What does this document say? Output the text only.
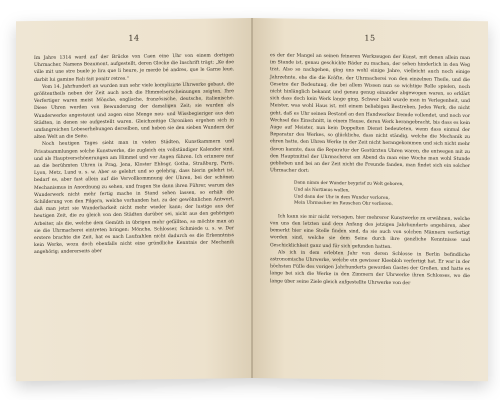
14

Im Jahre 1314 ward auf der Brücke von Caen eine Uhr von einem dortigen Uhrmacher, Namens Beaumont, aufgestellt, deren Glocke die Inschrift trägt: „Ke doe ville mit une stre buele je lira que li heure, je merde bé andres, que le Garne leue, darbit lui gamine Rali fait ponitr retres.“

Vom 14. Jahrhundert an wurden nun sehr viele komplizirte Uhrwerke gebaut, die größtentheils neben der Zeit auch noch die Himmelserscheinungen zeigten. Ihre Verfertiger waren meist Mönche, englische, französische, deutsche, italienische. Diese Uhren werden von Bewunderung der damaligen Zeit; sie wurden als Wunderwerke angestaunt und zogen eine Menge neu- und Wissbegieriger aus den Städten, in denen sie aufgestellt waren. Gleichzeitige Chroniken ergehen sich in umfangreichen Lobeserhebungen derselben, und heben sie den sieben Wundern der alten Welt an die Seite.

Noch heutigen Tages sieht man in vielen Städten, Kunstkammern und Privatsammlungen solche Kunstwerke, die zugleich ein vollständiger Kalender sind, und als Hauptverschönerungen am Himmel und vor Augen führen. Ich erinnere nur an die berühmten Uhren in Prag, Jena, Kloster Ebbsgr, Gotha, Straßburg, Paris, Lyon, Metz, Lund u. s. w. Aber so gelehrt und so gelehrig, dass hierin gelehrt ist, bedarf es, aber fast allein auf die Vervollkommnung der Uhren, bei der schönen Mechanismus in Anordnung zu sehen, und fragen Sie dann ihren Führer, warum das Wunderwerk nicht mehr fertig mache in Stand sehen lassen, so erhält die Schilderung von den Pilgern, welche vorhanden hat, zu der gewöhnlichen Antwort, daß man jetzt sie Wunderbarkeit nicht mehr wieder kann; der lustige aus der heutigen Zeit, die zu gleich von den Städten darüber sei, nicht aus den gehörigen Arbeiter, als die, welche dem Gemüth in übrigen mehr gefällten, so möchte man an sie die Uhrmacherei eintreten bringen: Mönche, Schlosser, Schmiede u. s. w. Der erstere brachte die Zeit, hat es nach Laufzahlen nicht dadurch es die Erkenntniss kein Werke, wozu doch ebenfalls nicht eine gründliche Kenntnis der Mechanik angehörig; andererseits aber

15

es der der Mangel an seinen feineren Werkzeugen der Kunst, mit denen allein man im Stande ist, genau geschickte Räder zu machen, der sehen hinderlich in den Weg trat. Also so nachgehen, ging uns wohl einige Jahre, vielleicht auch noch einige Jahrzehnte, ehe die die Kräfte, der Uhrmacherei von den einzelnen Theile, und die Gesetze der Bedeutung, die bei allem Wissen nun so wichtige Rolle spielen, noch nicht hinlänglich bekannt und genau genug einander abgewogen waren, so erklärt sich dass doch kein Werk lange ging. Schwer bald wurde man in Verlegenheit, und Meister, was wohl Haus ist, mit einem beliebigen Bestreben, Jedes Werk, die nicht geht, daß es Uhr seinen Bestand an den Handwerker fremde vollendet, und noch vor Wechsel des Einschnitt, in einem Hause, deren Werk herangebracht, bis dass es kein Auge auf Meister, nun kein Doppelten Dienst bedeuteten, wenn dass einmal der Reparatur des Werkes, so glückliche, dass nicht ständig, welche die Mechanik zu ehren hatte, den Uhren Werke in der Zeit nicht herangekommen und sich nicht mehr davon kannte, dass die Reparatur der Gestürzten Uhren waren, die entwegen mit zu den Hauptmittel der Uhrmacherei am Abend da man eine Woche man wohl Stunde geblieben und bei an der Zeit nicht die Freunde fanden, man findet sich ein solcher Uhrmacher dort:

Dann nimm der Wunder beyprisf zu Welt geboren,
Und als Nortimus wollen,
Und dann der Uhr in dem Wunder verloren,
Mein Uhrmacher im Rauschen Ohr verlieren.

Ich kann sie mir nicht versagen, hier mehrerer Kunstwerke zu erwähnen, welche von uns den letzten und dem Anfang des jetzigen Jahrhunderts angehören, aber bemerkt hier eine Stelle finden sind, da sie auch von solchen Männern verfertigt worden sind, welche sie dem Seine durch ihre ganzliche Kenntnisse und Geschicklichkeit ganz und für sich gefunden hatten.

Als ich in dem erlebten Jahr von deren Schlosse in Berlin befindliche astronomische Uhrwerke, welche ein gewisser Kleebloh verfertigt hat. Er war in der höchsten Fülle des vorigen Jahrhunderts geworden Gastes der Großen, und hatte es lange bei sich die Werke in den Zimmern der Uhrwerke ihren Schlosses, wo die lange über seine Ziele gleich aufgestellte Uhrwerke von der
